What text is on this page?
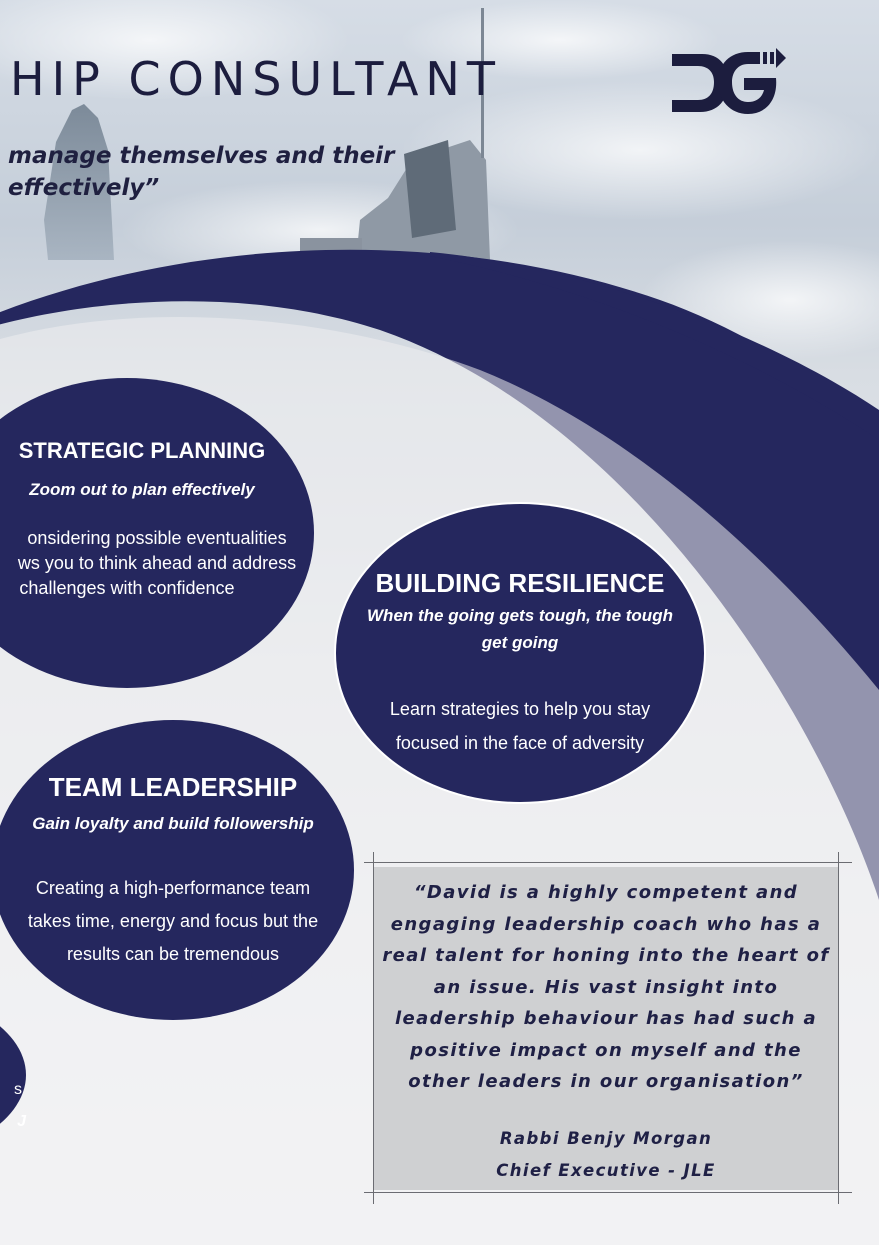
HIP CONSULTANT
manage themselves and their
effectively”
STRATEGIC PLANNING
Zoom out to plan effectively
onsidering possible eventualities
ws you to think ahead and address
challenges with confidence	BUILDING RESILIENCE
When the going gets tough, the tough get going
Learn strategies to help you stay
focused in the face of adversity
TEAM LEADERSHIP
Gain loyalty and build followership
Creating a high-performance team
takes time, energy and focus but the
results can be tremendous
s
J
“David is a highly competent and engaging leadership coach who has a real talent for honing into the heart of an issue. His vast insight into leadership behaviour has had such a positive impact on myself and the other leaders in our organisation”
Rabbi Benjy Morgan
Chief Executive - JLE
